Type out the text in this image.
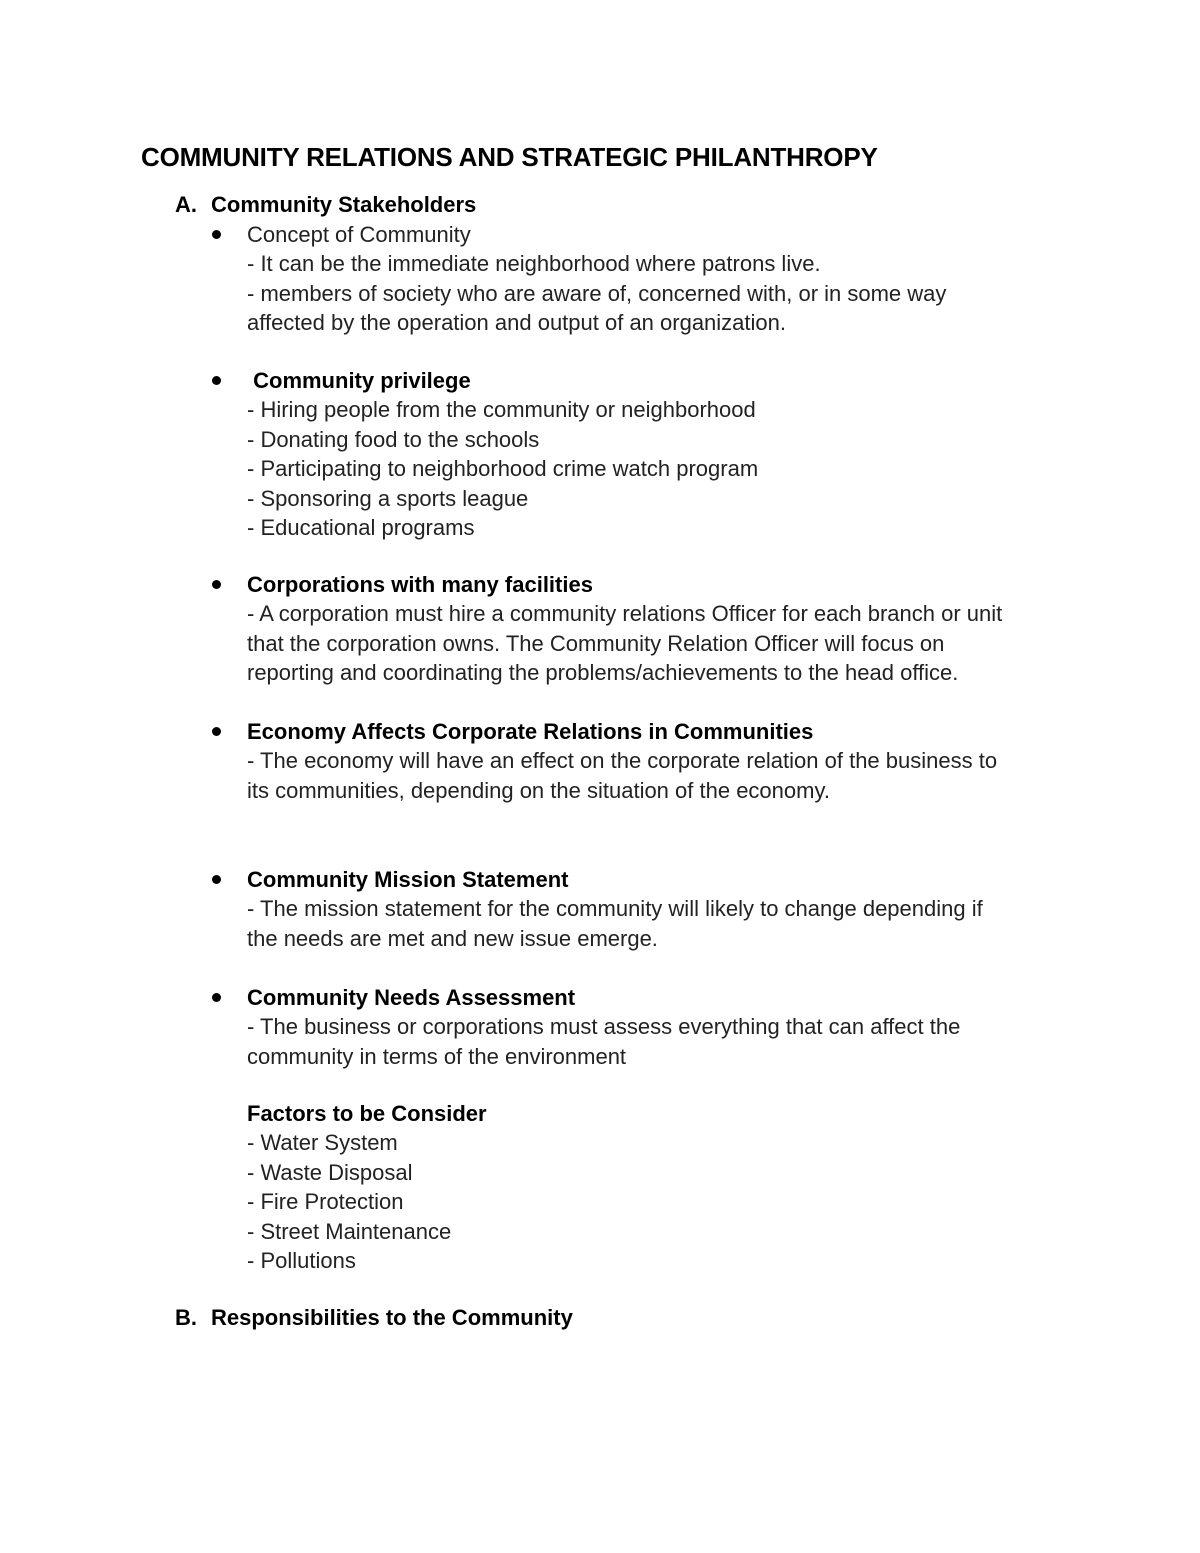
COMMUNITY RELATIONS AND STRATEGIC PHILANTHROPY
A. Community Stakeholders
Concept of Community
- It can be the immediate neighborhood where patrons live.
- members of society who are aware of, concerned with, or in some way
affected by the operation and output of an organization.
Community privilege
- Hiring people from the community or neighborhood
- Donating food to the schools
- Participating to neighborhood crime watch program
- Sponsoring a sports league
- Educational programs
Corporations with many facilities
- A corporation must hire a community relations Officer for each branch or unit
that the corporation owns. The Community Relation Officer will focus on
reporting and coordinating the problems/achievements to the head office.
Economy Affects Corporate Relations in Communities
- The economy will have an effect on the corporate relation of the business to
its communities, depending on the situation of the economy.
Community Mission Statement
- The mission statement for the community will likely to change depending if
the needs are met and new issue emerge.
Community Needs Assessment
- The business or corporations must assess everything that can affect the
community in terms of the environment
Factors to be Consider
- Water System
- Waste Disposal
- Fire Protection
- Street Maintenance
- Pollutions
B. Responsibilities to the Community
